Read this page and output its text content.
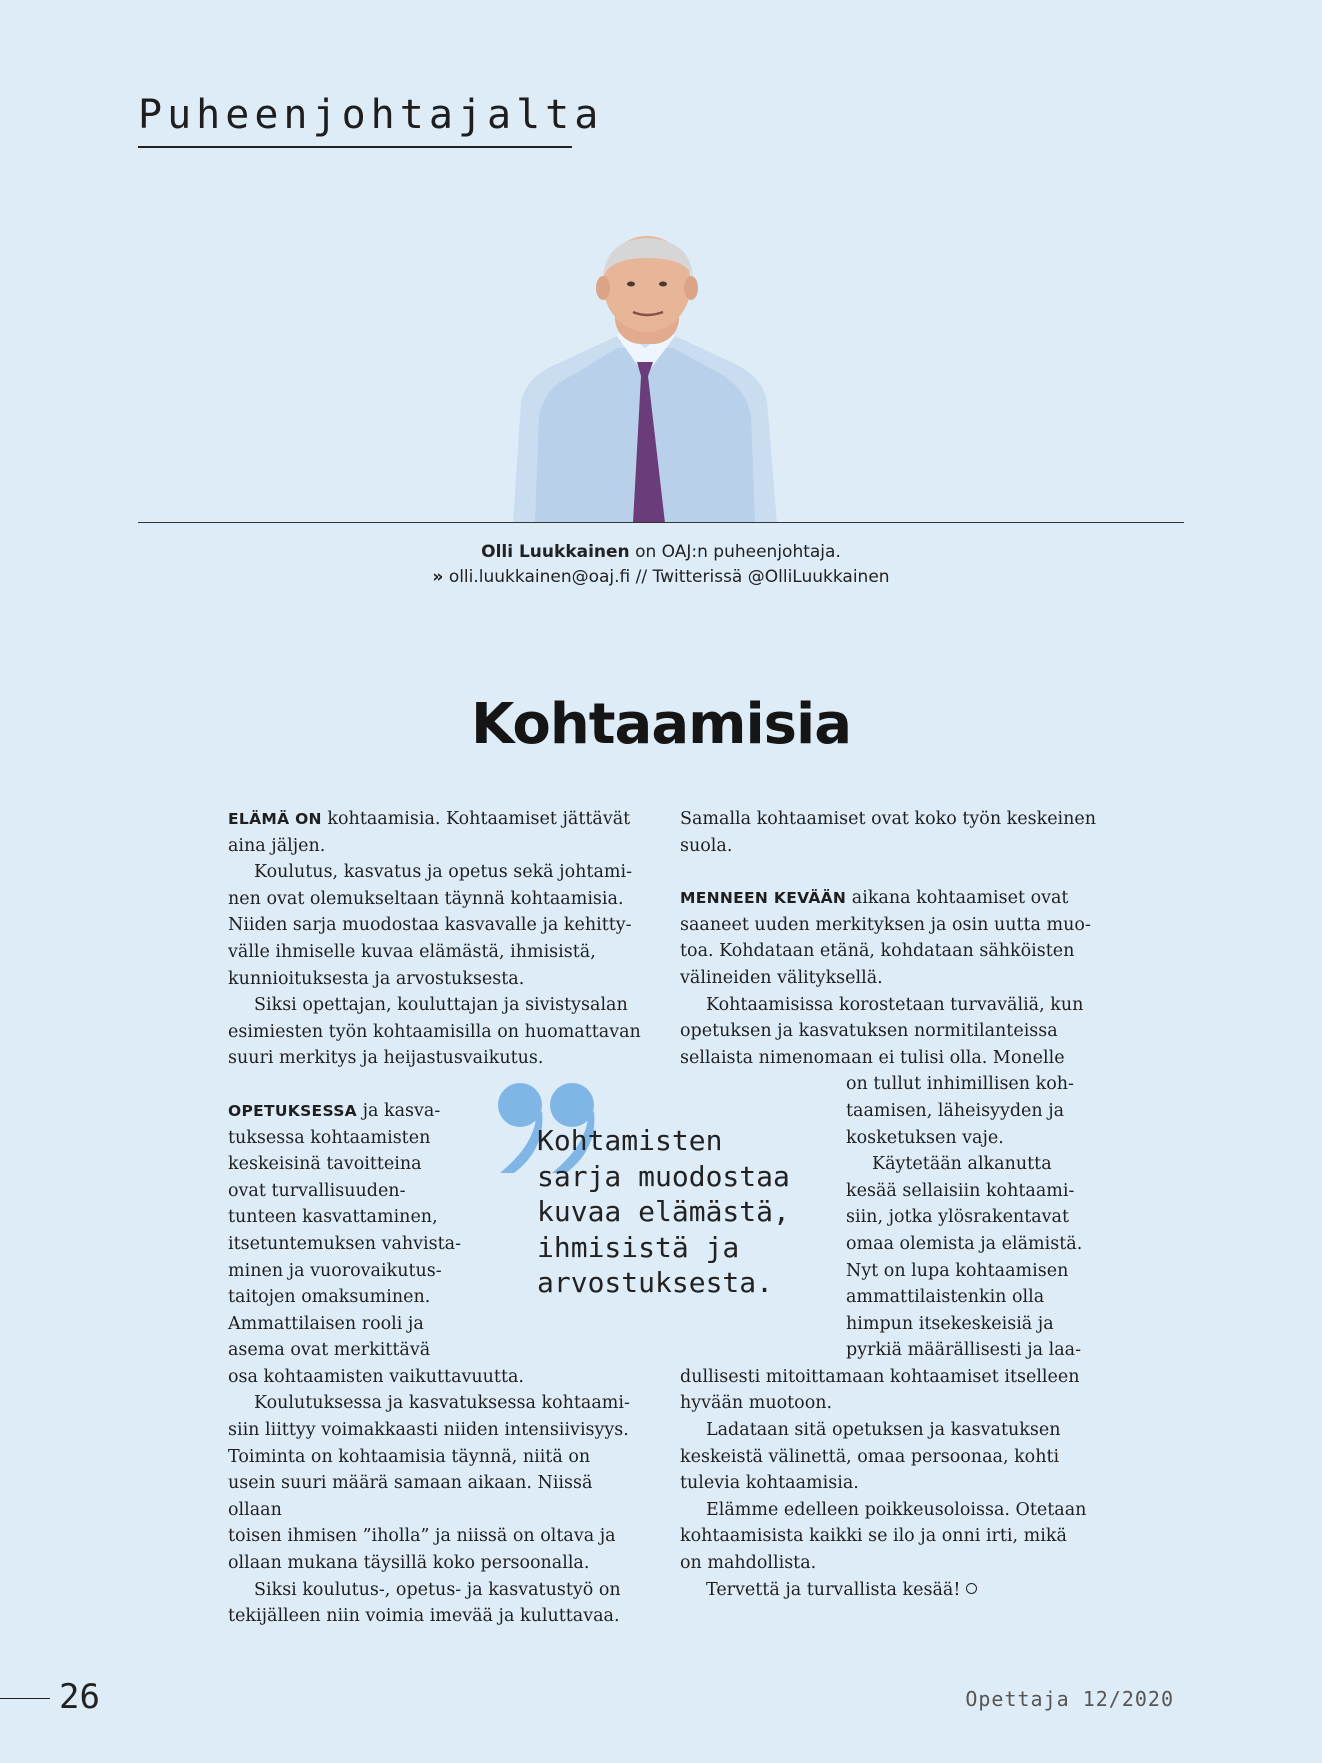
Puheenjohtajalta
Olli Luukkainen on OAJ:n puheenjohtaja.
» olli.luukkainen@oaj.fi // Twitterissä @OlliLuukkainen
Kohtaamisia

ELÄMÄ ON kohtaamisia. Kohtaamiset jättävät
aina jäljen.

Koulutus, kasvatus ja opetus sekä johtami-
nen ovat olemukseltaan täynnä kohtaamisia.
Niiden sarja muodostaa kasvavalle ja kehitty-
välle ihmiselle kuvaa elämästä, ihmisistä,
kunnioituksesta ja arvostuksesta.

Siksi opettajan, kouluttajan ja sivistysalan
esimiesten työn kohtaamisilla on huomattavan
suuri merkitys ja heijastusvaikutus.

OPETUKSESSA ja kasva-
tuksessa kohtaamisten
keskeisinä tavoitteina
ovat turvallisuuden-
tunteen kasvattaminen,
itsetuntemuksen vahvista-
minen ja vuorovaikutus-
taitojen omaksuminen.
Ammattilaisen rooli ja
asema ovat merkittävä
osa kohtaamisten vaikuttavuutta.

Koulutuksessa ja kasvatuksessa kohtaami-
siin liittyy voimakkaasti niiden intensiivisyys.
Toiminta on kohtaamisia täynnä, niitä on
usein suuri määrä samaan aikaan. Niissä ollaan
toisen ihmisen ”iholla” ja niissä on oltava ja
ollaan mukana täysillä koko persoonalla.

Siksi koulutus-, opetus- ja kasvatustyö on
tekijälleen niin voimia imevää ja kuluttavaa.

Samalla kohtaamiset ovat koko työn keskeinen
suola.

MENNEEN KEVÄÄN aikana kohtaamiset ovat
saaneet uuden merkityksen ja osin uutta muo-
toa. Kohdataan etänä, kohdataan sähköisten
välineiden välityksellä.

Kohtaamisissa korostetaan turvaväliä, kun
opetuksen ja kasvatuksen normitilanteissa
sellaista nimenomaan ei tulisi olla. Monelle

on tullut inhimillisen koh-
taamisen, läheisyyden ja
kosketuksen vaje.

Käytetään alkanutta
kesää sellaisiin kohtaami-
siin, jotka ylösrakentavat
omaa olemista ja elämistä.
Nyt on lupa kohtaamisen
ammattilaistenkin olla
himpun itsekeskeisiä ja
pyrkiä määrällisesti ja laa-

dullisesti mitoittamaan kohtaamiset itselleen
hyvään muotoon.

Ladataan sitä opetuksen ja kasvatuksen
keskeistä välinettä, omaa persoonaa, kohti
tulevia kohtaamisia.

Elämme edelleen poikkeusoloissa. Otetaan
kohtaamisista kaikki se ilo ja onni irti, mikä
on mahdollista.

Tervettä ja turvallista kesää!

Kohtamisten
sarja muodostaa
kuvaa elämästä,
ihmisistä ja
arvostuksesta.
26	Opettaja 12/2020
